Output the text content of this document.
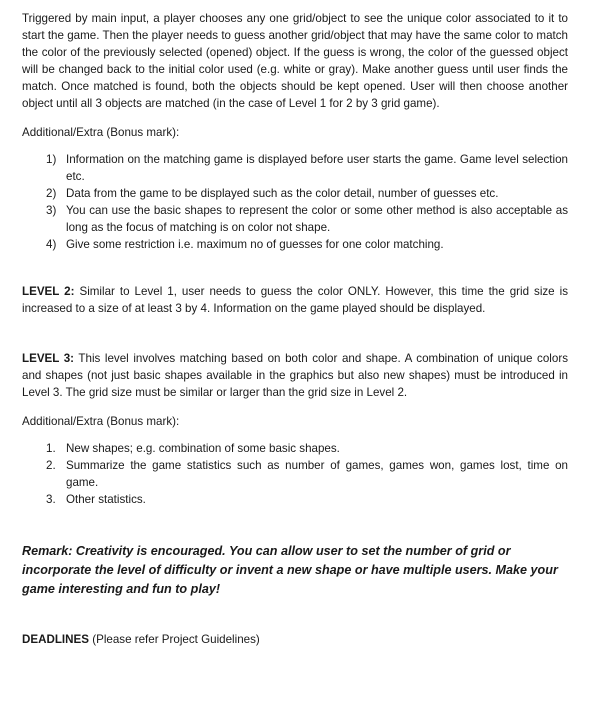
Triggered by main input, a player chooses any one grid/object to see the unique color associated to it to start the game. Then the player needs to guess another grid/object that may have the same color to match the color of the previously selected (opened) object. If the guess is wrong, the color of the guessed object will be changed back to the initial color used (e.g. white or gray). Make another guess until user finds the match. Once matched is found, both the objects should be kept opened. User will then choose another object until all 3 objects are matched (in the case of Level 1 for 2 by 3 grid game).

Additional/Extra (Bonus mark):

1) Information on the matching game is displayed before user starts the game. Game level selection etc.
2) Data from the game to be displayed such as the color detail, number of guesses etc.
3) You can use the basic shapes to represent the color or some other method is also acceptable as long as the focus of matching is on color not shape.
4) Give some restriction i.e. maximum no of guesses for one color matching.

LEVEL 2: Similar to Level 1, user needs to guess the color ONLY. However, this time the grid size is increased to a size of at least 3 by 4. Information on the game played should be displayed.

LEVEL 3: This level involves matching based on both color and shape. A combination of unique colors and shapes (not just basic shapes available in the graphics but also new shapes) must be introduced in Level 3. The grid size must be similar or larger than the grid size in Level 2.

Additional/Extra (Bonus mark):

1. New shapes; e.g. combination of some basic shapes.
2. Summarize the game statistics such as number of games, games won, games lost, time on game.
3. Other statistics.

Remark: Creativity is encouraged. You can allow user to set the number of grid or incorporate the level of difficulty or invent a new shape or have multiple users. Make your game interesting and fun to play!

DEADLINES (Please refer Project Guidelines)
